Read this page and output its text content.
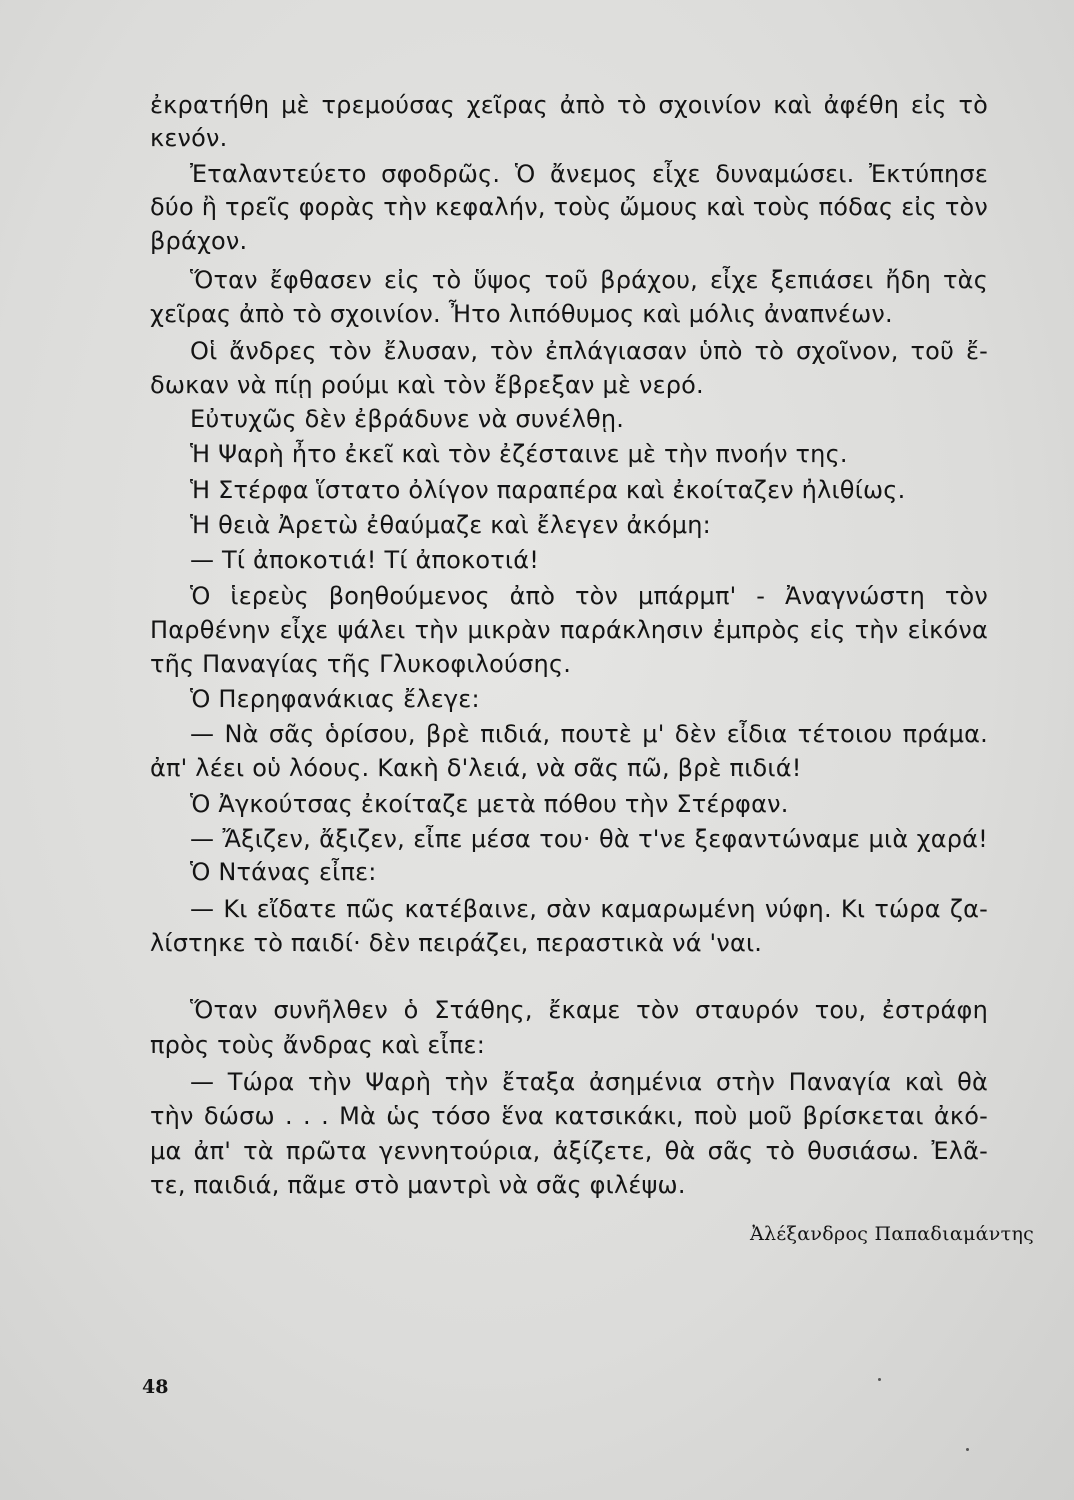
ἐκρατήθη μὲ τρεμούσας χεῖρας ἀπὸ τὸ σχοινίον καὶ ἀφέθη εἰς τὸ
κενόν.
Ἐταλαντεύετο σφοδρῶς. Ὁ ἄνεμος εἶχε δυναμώσει. Ἐκτύπησε
δύο ἢ τρεῖς φορὰς τὴν κεφαλήν, τοὺς ὤμους καὶ τοὺς πόδας εἰς τὸν
βράχον.
Ὅταν ἔφθασεν εἰς τὸ ὕψος τοῦ βράχου, εἶχε ξεπιάσει ἤδη τὰς
χεῖρας ἀπὸ τὸ σχοινίον. Ἦτο λιπόθυμος καὶ μόλις ἀναπνέων.
Οἱ ἄνδρες τὸν ἔλυσαν, τὸν ἐπλάγιασαν ὑπὸ τὸ σχοῖνον, τοῦ ἔ-
δωκαν νὰ πίῃ ρούμι καὶ τὸν ἔβρεξαν μὲ νερό.
Εὐτυχῶς δὲν ἐβράδυνε νὰ συνέλθῃ.
Ἡ Ψαρὴ ἦτο ἐκεῖ καὶ τὸν ἐζέσταινε μὲ τὴν πνοήν της.
Ἡ Στέρφα ἵστατο ὀλίγον παραπέρα καὶ ἐκοίταζεν ἠλιθίως.
Ἡ θειὰ Ἀρετὼ ἐθαύμαζε καὶ ἔλεγεν ἀκόμη:
— Τί ἀποκοτιά! Τί ἀποκοτιά!
Ὁ ἱερεὺς βοηθούμενος ἀπὸ τὸν μπάρμπ' - Ἀναγνώστη τὸν
Παρθένην εἶχε ψάλει τὴν μικρὰν παράκλησιν ἐμπρὸς εἰς τὴν εἰκόνα
τῆς Παναγίας τῆς Γλυκοφιλούσης.
Ὁ Περηφανάκιας ἔλεγε:
— Νὰ σᾶς ὁρίσου, βρὲ πιδιά, πουτὲ μ' δὲν εἶδια τέτοιου πράμα.
ἀπ' λέει οὑ λόους. Κακὴ δ'λειά, νὰ σᾶς πῶ, βρὲ πιδιά!
Ὁ Ἀγκούτσας ἐκοίταζε μετὰ πόθου τὴν Στέρφαν.
— Ἄξιζεν, ἄξιζεν, εἶπε μέσα του· θὰ τ'νε ξεφαντώναμε μιὰ χαρά!
Ὁ Ντάνας εἶπε:
— Κι εἴδατε πῶς κατέβαινε, σὰν καμαρωμένη νύφη. Κι τώρα ζα-
λίστηκε τὸ παιδί· δὲν πειράζει, περαστικὰ νά 'ναι.
Ὅταν συνῆλθεν ὁ Στάθης, ἔκαμε τὸν σταυρόν του, ἐστράφη
πρὸς τοὺς ἄνδρας καὶ εἶπε:
— Τώρα τὴν Ψαρὴ τὴν ἔταξα ἀσημένια στὴν Παναγία καὶ θὰ
τὴν δώσω . . . Μὰ ὡς τόσο ἕνα κατσικάκι, ποὺ μοῦ βρίσκεται ἀκό-
μα ἀπ' τὰ πρῶτα γεννητούρια, ἀξίζετε, θὰ σᾶς τὸ θυσιάσω. Ἐλᾶ-
τε, παιδιά, πᾶμε στὸ μαντρὶ νὰ σᾶς φιλέψω.
Ἀλέξανδρος Παπαδιαμάντης
48
